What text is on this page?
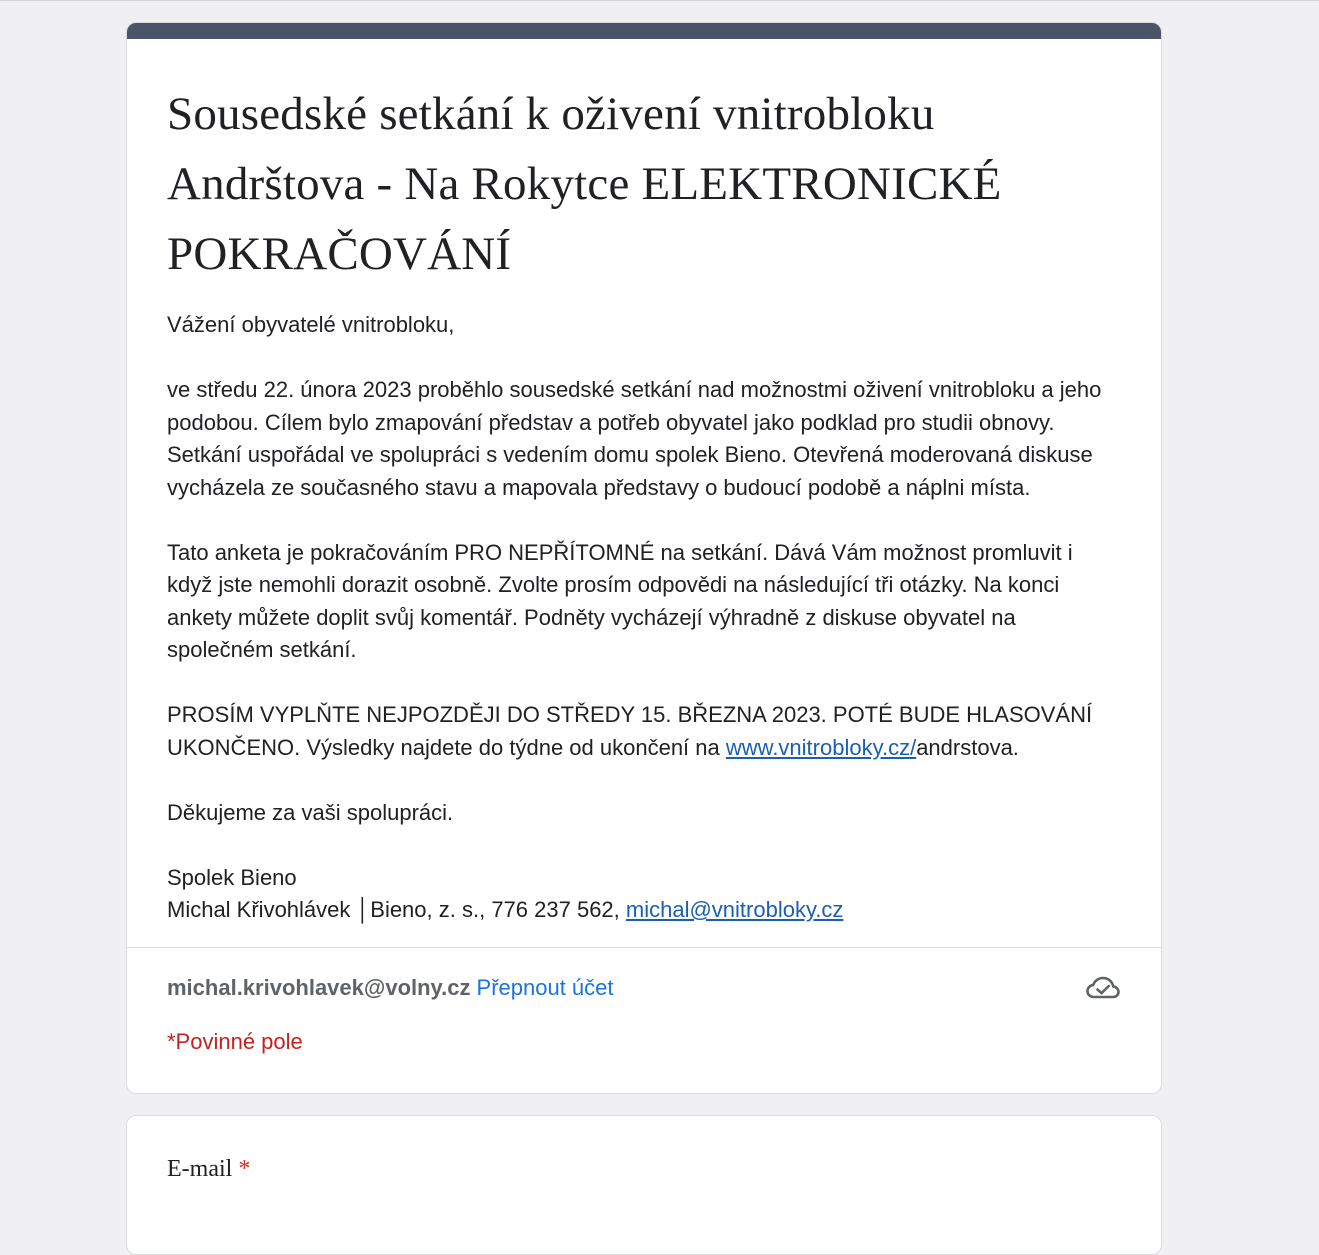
Sousedské setkání k oživení vnitrobloku Andrštova - Na Rokytce ELEKTRONICKÉ POKRAČOVÁNÍ

Vážení obyvatelé vnitrobloku,

ve středu 22. února 2023 proběhlo sousedské setkání nad možnostmi oživení vnitrobloku a jeho podobou. Cílem bylo zmapování představ a potřeb obyvatel jako podklad pro studii obnovy. Setkání uspořádal ve spolupráci s vedením domu spolek Bieno. Otevřená moderovaná diskuse vycházela ze současného stavu a mapovala představy o budoucí podobě a náplni místa.

Tato anketa je pokračováním PRO NEPŘÍTOMNÉ na setkání. Dává Vám možnost promluvit i když jste nemohli dorazit osobně. Zvolte prosím odpovědi na následující tři otázky. Na konci ankety můžete doplit svůj komentář. Podněty vycházejí výhradně z diskuse obyvatel na společném setkání.

PROSÍM VYPLŇTE NEJPOZDĚJI DO STŘEDY 15. BŘEZNA 2023. POTÉ BUDE HLASOVÁNÍ UKONČENO. Výsledky najdete do týdne od ukončení na www.vnitrobloky.cz/andrstova.

Děkujeme za vaši spolupráci.

Spolek Bieno
Michal Křivohlávek │Bieno, z. s., 776 237 562, michal@vnitrobloky.cz

michal.krivohlavek@volny.cz Přepnout účet
*Povinné pole
E-mail *
